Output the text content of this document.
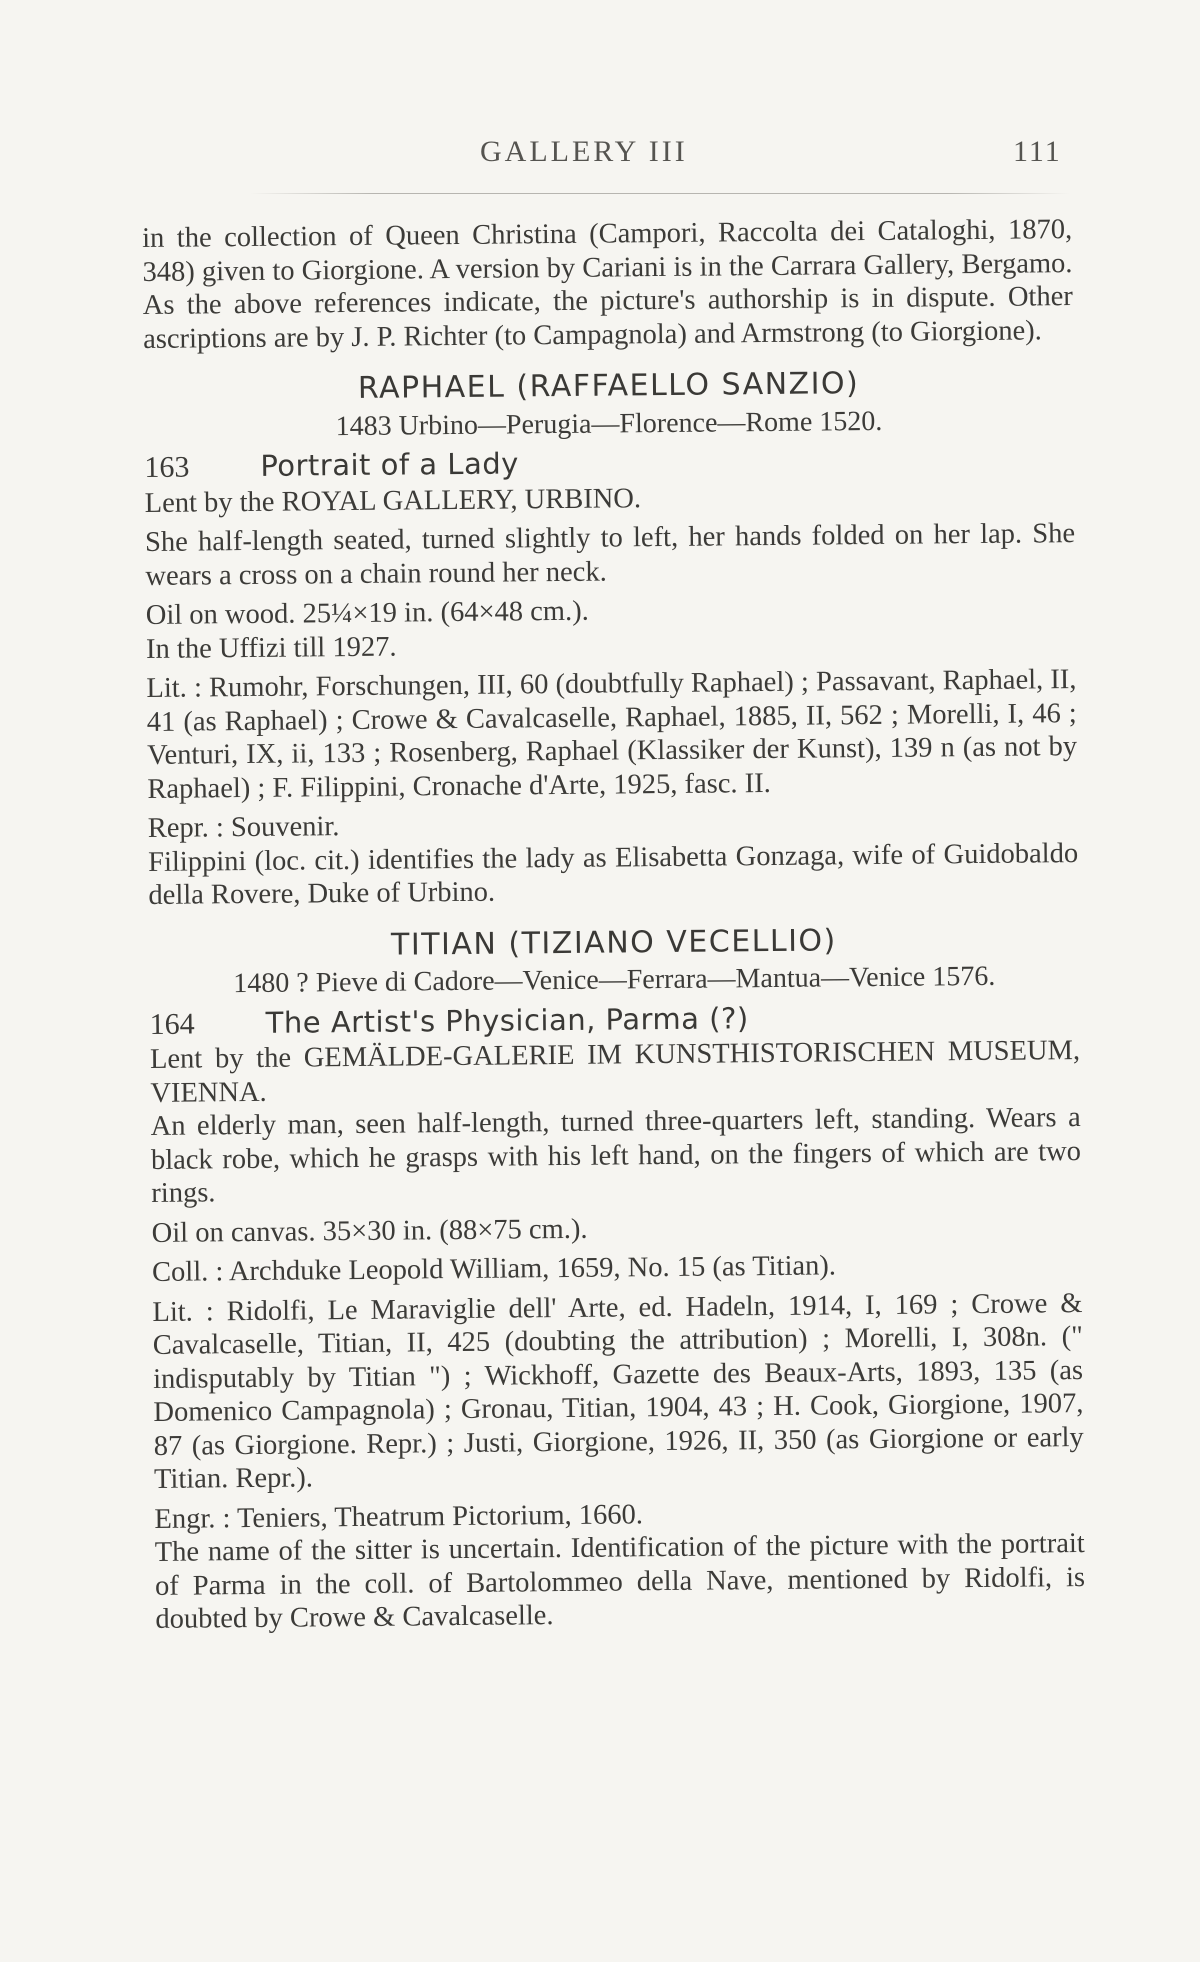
GALLERY III	111

in the collection of Queen Christina (Campori, Raccolta dei Cataloghi, 1870, 348) given to Giorgione. A version by Cariani is in the Carrara Gallery, Bergamo. As the above references indicate, the picture's authorship is in dispute. Other ascriptions are by J. P. Richter (to Campagnola) and Armstrong (to Giorgione).

RAPHAEL (RAFFAELLO SANZIO)
1483 Urbino—Perugia—Florence—Rome 1520.
163	Portrait of a Lady

Lent by the ROYAL GALLERY, URBINO.

She half-length seated, turned slightly to left, her hands folded on her lap. She wears a cross on a chain round her neck.

Oil on wood. 25¼×19 in. (64×48 cm.).

In the Uffizi till 1927.

Lit. : Rumohr, Forschungen, III, 60 (doubtfully Raphael) ; Passavant, Raphael, II, 41 (as Raphael) ; Crowe & Cavalcaselle, Raphael, 1885, II, 562 ; Morelli, I, 46 ; Venturi, IX, ii, 133 ; Rosenberg, Raphael (Klassiker der Kunst), 139 n (as not by Raphael) ; F. Filippini, Cronache d'Arte, 1925, fasc. II.

Repr. : Souvenir.

Filippini (loc. cit.) identifies the lady as Elisabetta Gonzaga, wife of Guidobaldo della Rovere, Duke of Urbino.

TITIAN (TIZIANO VECELLIO)
1480 ? Pieve di Cadore—Venice—Ferrara—Mantua—Venice 1576.
164	The Artist's Physician, Parma (?)

Lent by the GEMÄLDE-GALERIE IM KUNSTHISTORISCHEN MUSEUM, VIENNA.

An elderly man, seen half-length, turned three-quarters left, standing. Wears a black robe, which he grasps with his left hand, on the fingers of which are two rings.

Oil on canvas. 35×30 in. (88×75 cm.).

Coll. : Archduke Leopold William, 1659, No. 15 (as Titian).

Lit. : Ridolfi, Le Maraviglie dell' Arte, ed. Hadeln, 1914, I, 169 ; Crowe & Cavalcaselle, Titian, II, 425 (doubting the attribution) ; Morelli, I, 308n. (" indisputably by Titian ") ; Wickhoff, Gazette des Beaux-Arts, 1893, 135 (as Domenico Campagnola) ; Gronau, Titian, 1904, 43 ; H. Cook, Giorgione, 1907, 87 (as Giorgione. Repr.) ; Justi, Giorgione, 1926, II, 350 (as Giorgione or early Titian. Repr.).

Engr. : Teniers, Theatrum Pictorium, 1660.

The name of the sitter is uncertain. Identification of the picture with the portrait of Parma in the coll. of Bartolommeo della Nave, mentioned by Ridolfi, is doubted by Crowe & Cavalcaselle.
